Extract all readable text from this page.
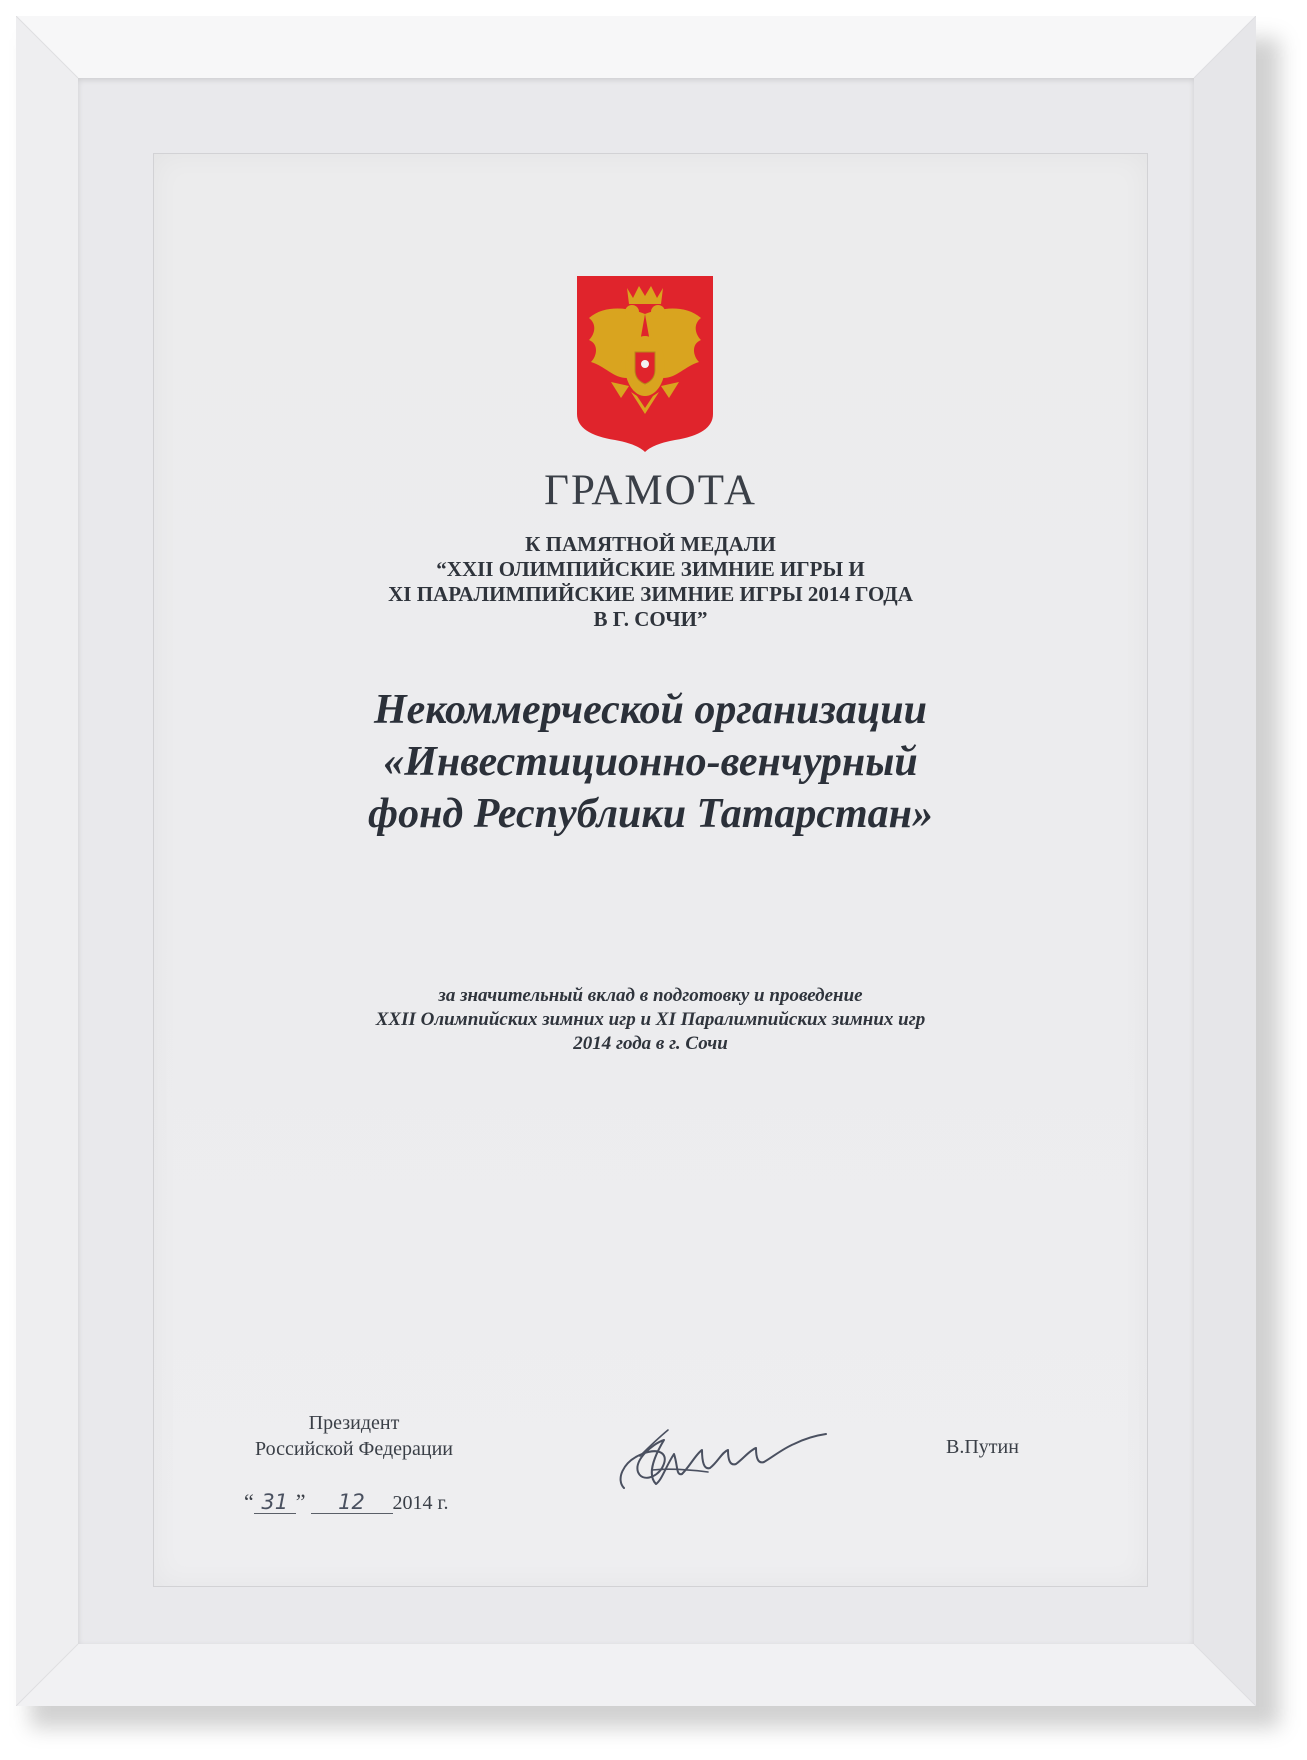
ГРАМОТА
К ПАМЯТНОЙ МЕДАЛИ
“XXII ОЛИМПИЙСКИЕ ЗИМНИЕ ИГРЫ И
XI ПАРАЛИМПИЙСКИЕ ЗИМНИЕ ИГРЫ 2014 ГОДА
В Г. СОЧИ”
Некоммерческой организации
«Инвестиционно-венчурный
фонд Республики Татарстан»
за значительный вклад в подготовку и проведение
XXII Олимпийских зимних игр и XI Паралимпийских зимних игр
2014 года в г. Сочи
Президент
Российской Федерации
“ 31 ” 12 2014 г.
В.Путин
